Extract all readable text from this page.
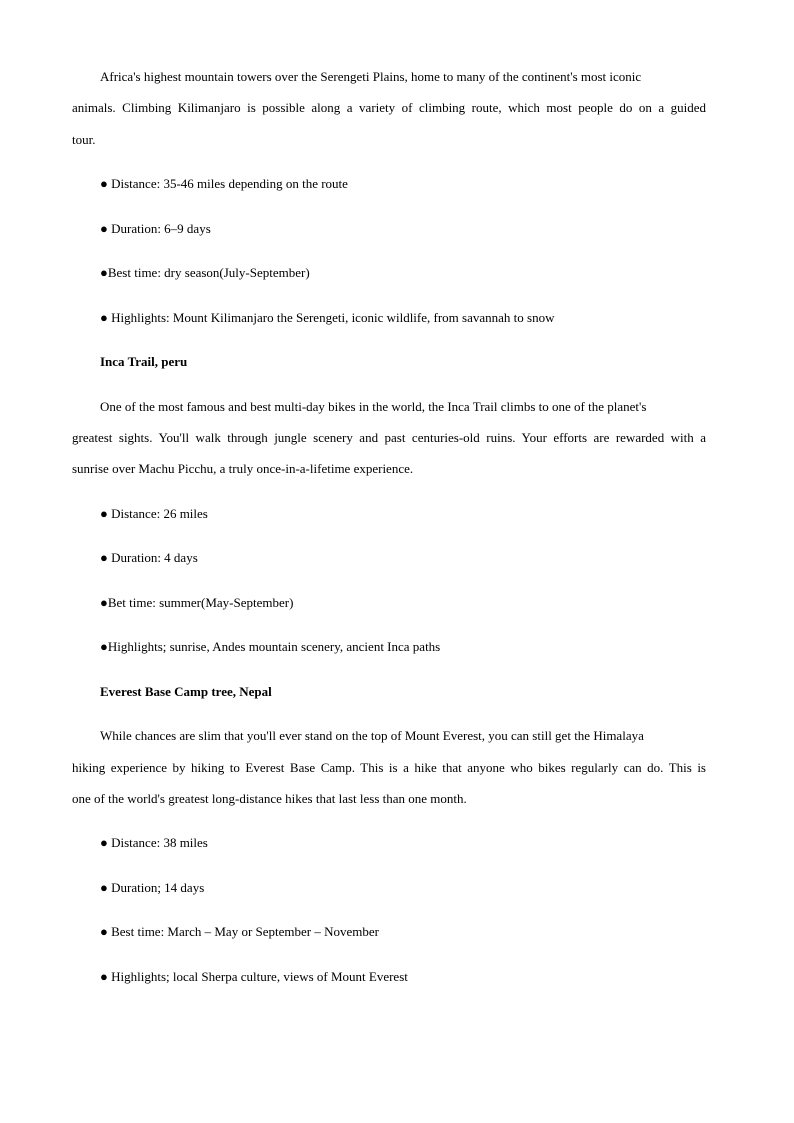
Africa's highest mountain towers over the Serengeti Plains, home to many of the continent's most iconic
animals. Climbing Kilimanjaro is possible along a variety of climbing route, which most people do on a guided
tour.
● Distance: 35-46 miles depending on the route
● Duration: 6–9 days
●Best time: dry season(July-September)
● Highlights: Mount Kilimanjaro the Serengeti, iconic wildlife, from savannah to snow
Inca Trail, peru
One of the most famous and best multi-day bikes in the world, the Inca Trail climbs to one of the planet's
greatest sights. You'll walk through jungle scenery and past centuries-old ruins. Your efforts are rewarded with a
sunrise over Machu Picchu, a truly once-in-a-lifetime experience.
● Distance: 26 miles
● Duration: 4 days
●Bet time: summer(May-September)
●Highlights; sunrise, Andes mountain scenery, ancient Inca paths
Everest Base Camp tree, Nepal
While chances are slim that you'll ever stand on the top of Mount Everest, you can still get the Himalaya
hiking experience by hiking to Everest Base Camp. This is a hike that anyone who bikes regularly can do. This is
one of the world's greatest long-distance hikes that last less than one month.
● Distance: 38 miles
● Duration; 14 days
● Best time: March – May or September – November
● Highlights; local Sherpa culture, views of Mount Everest
